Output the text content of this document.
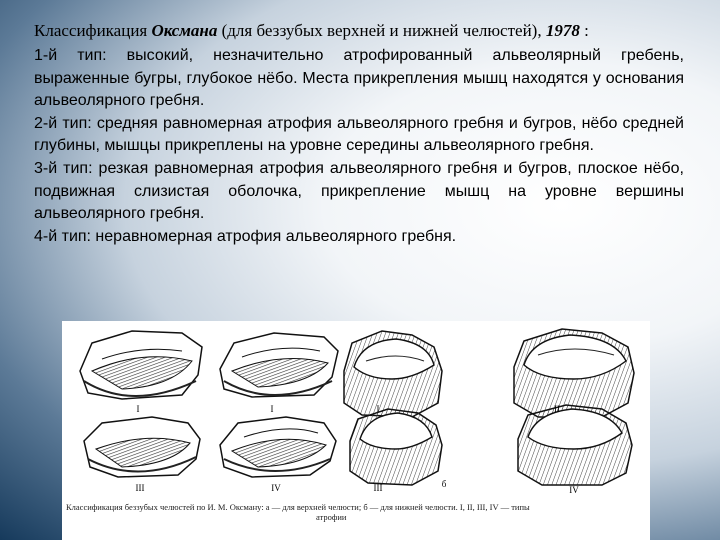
Классификация Оксмана (для беззубых верхней и нижней челюстей), 1978 :

1-й тип: высокий, незначительно атрофированный альвеолярный гребень, выраженные бугры, глубокое нёбо. Места прикрепления мышц находятся у основания альвеолярного гребня.

2-й тип: средняя равномерная атрофия альвеолярного гребня и бугров, нёбо средней глубины, мышцы прикреплены на уровне середины альвеолярного гребня.

3-й тип: резкая равномерная атрофия альвеолярного гребня и бугров, плоское нёбо, подвижная слизистая оболочка, прикрепление мышц на уровне вершины альвеолярного гребня.

4-й тип: неравномерная атрофия альвеолярного гребня.

I	I	I	II
III	IV	III	б
IV
Классификация беззубых челюстей по И. М. Оксману: а — для верхней челюсти; б — для нижней челюсти. I, II, III, IV — типы
атрофии
